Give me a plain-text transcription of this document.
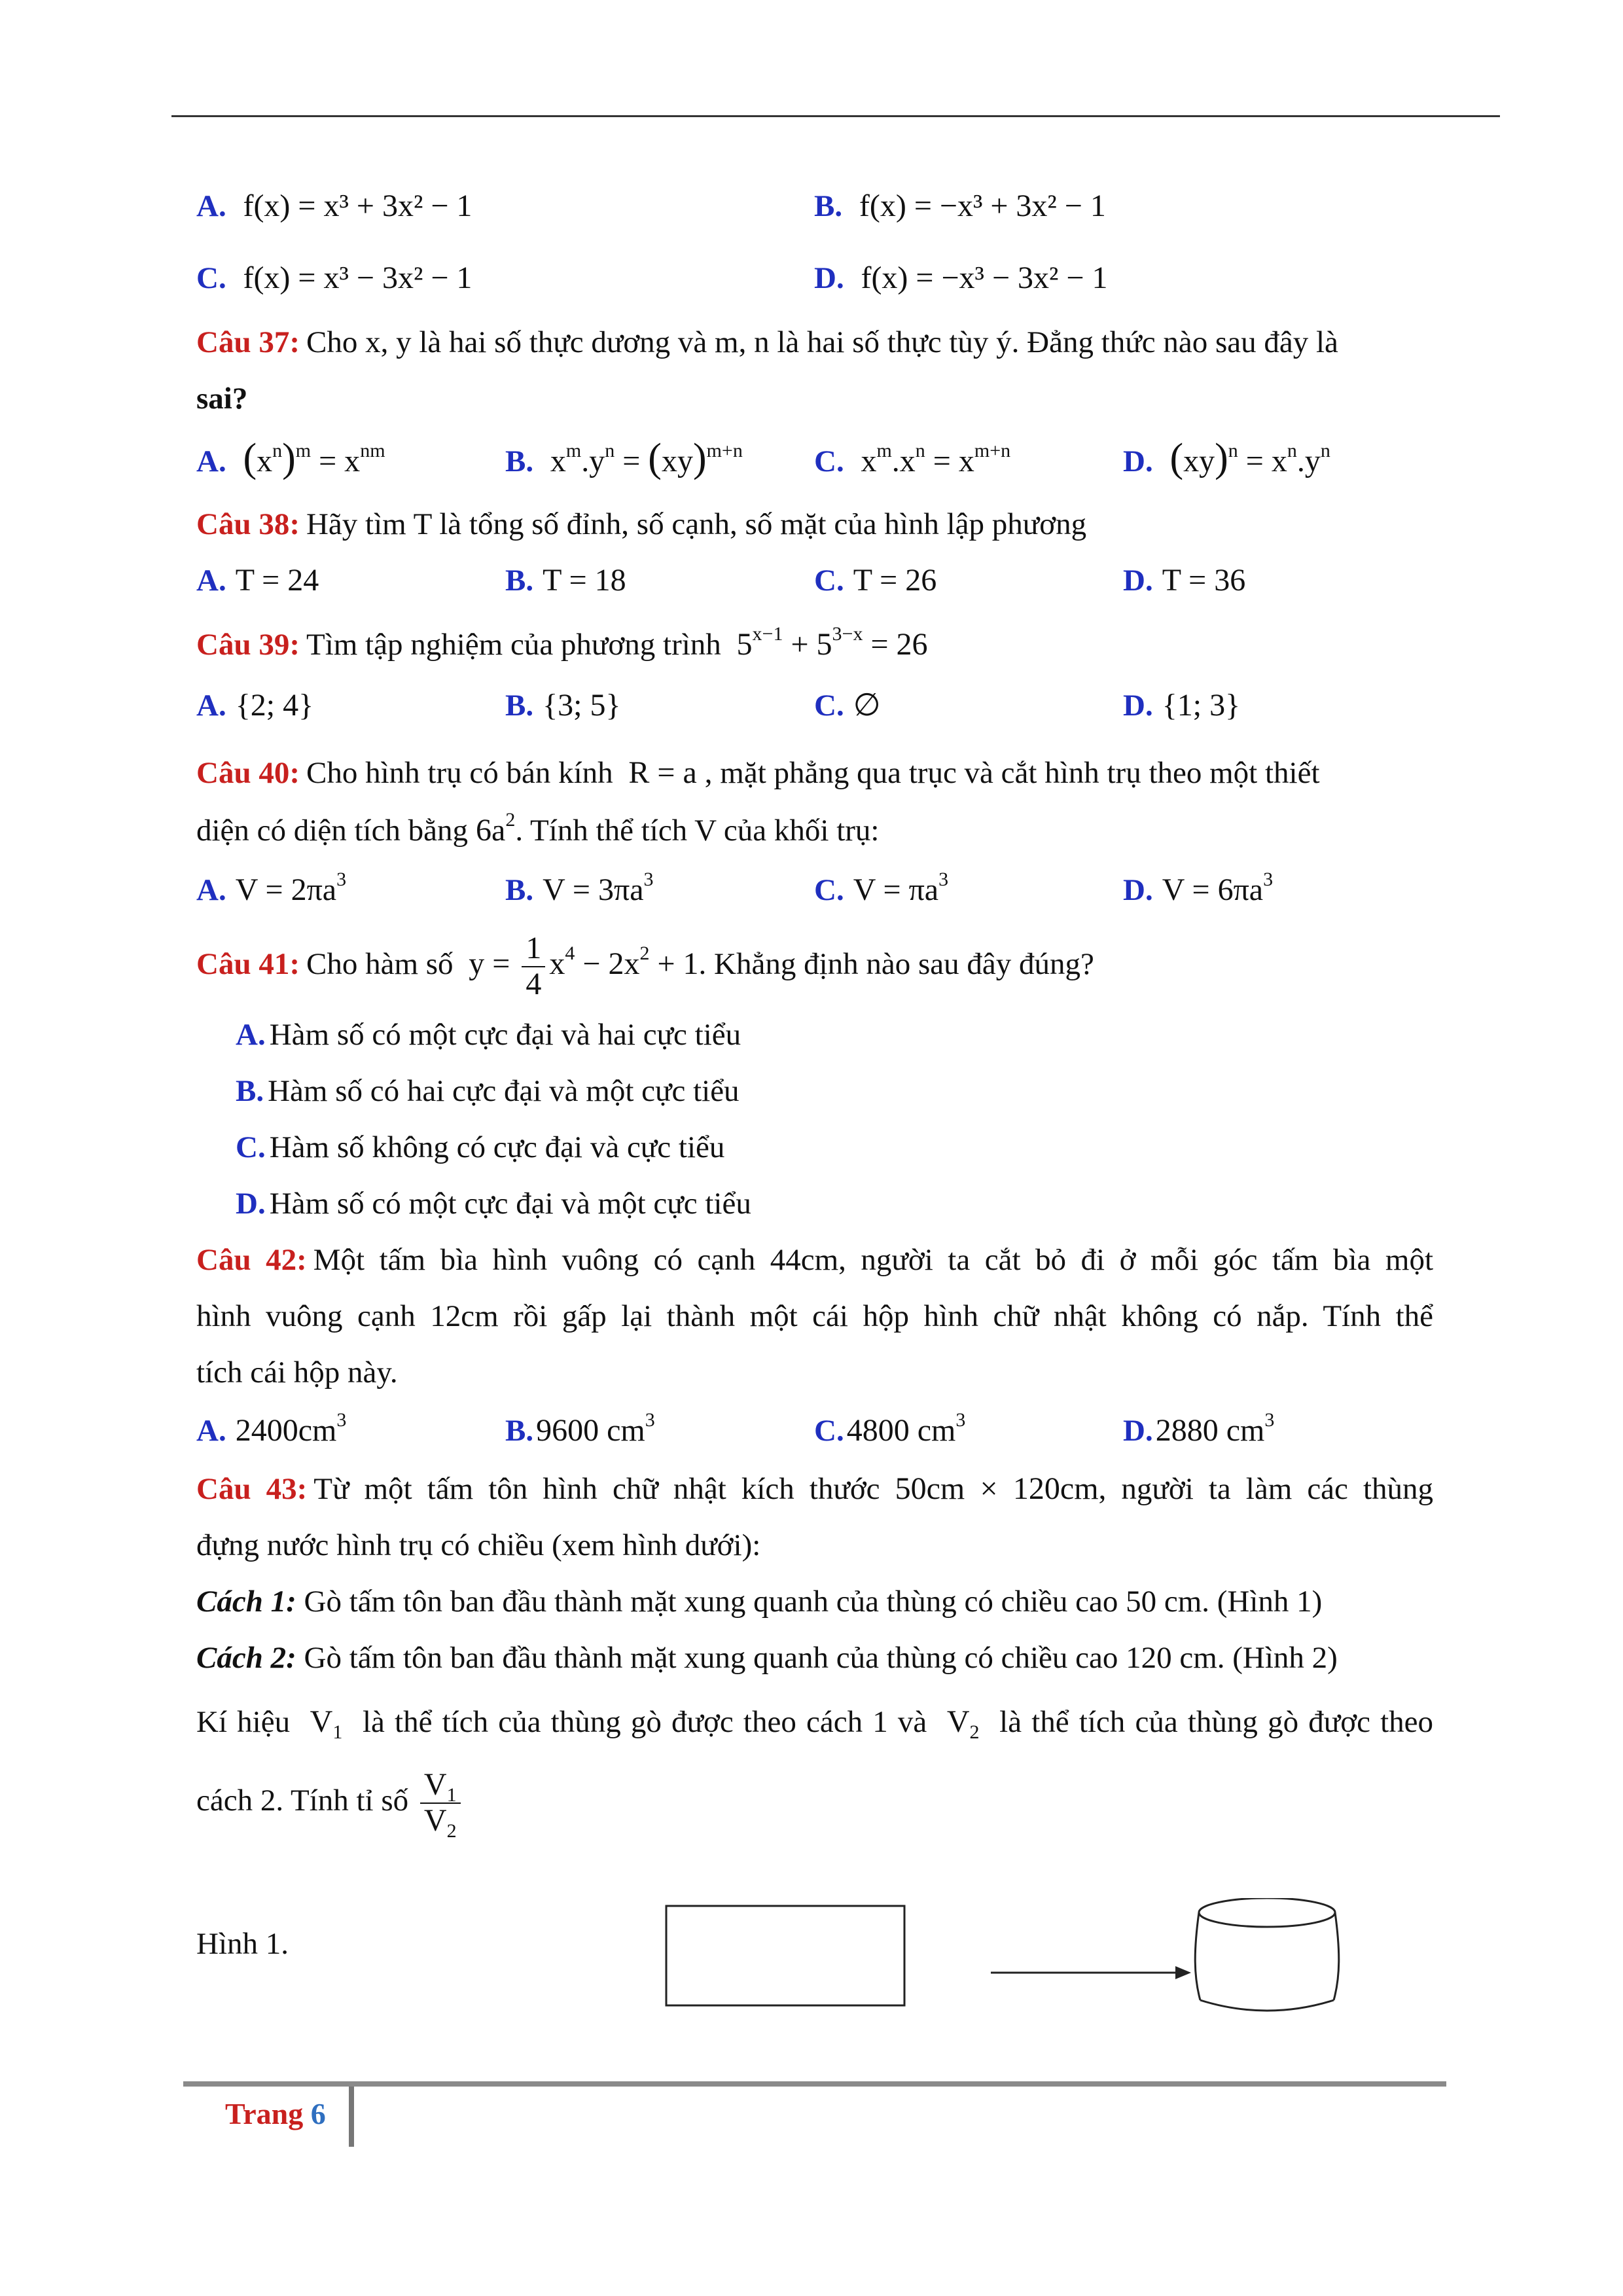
A. f(x) = x³ + 3x² − 1	B. f(x) = −x³ + 3x² − 1
C. f(x) = x³ − 3x² − 1	D. f(x) = −x³ − 3x² − 1

Câu 37: Cho x, y là hai số thực dương và m, n là hai số thực tùy ý. Đẳng thức nào sau đây là

sai?

A. $(x^n)^m = x^{nm}$	B. $x^m.y^n = (xy)^{m+n}$	C. $x^m.x^n = x^{m+n}$	D. $(xy)^n = x^n.y^n$

Câu 38: Hãy tìm T là tổng số đỉnh, số cạnh, số mặt của hình lập phương

A. T = 24	B. T = 18	C. T = 26	D. T = 36

Câu 39: Tìm tập nghiệm của phương trình  $5^{x-1} + 5^{3-x} = 26$

A. {2; 4}	B. {3; 5}	C. ∅	D. {1; 3}

Câu 40: Cho hình trụ có bán kính  R = a , mặt phẳng qua trục và cắt hình trụ theo một thiết

diện có diện tích bằng $6a^2$. Tính thể tích V của khối trụ:

A. $V = 2\pi a^3$	B. $V = 3\pi a^3$	C. $V = \pi a^3$	D. $V = 6\pi a^3$

Câu 41: Cho hàm số  $y = \frac{1}{4} x^4 - 2x^2 + 1$. Khẳng định nào sau đây đúng?

A. Hàm số có một cực đại và hai cực tiểu
B. Hàm số có hai cực đại và một cực tiểu
C. Hàm số không có cực đại và cực tiểu
D. Hàm số có một cực đại và một cực tiểu

Câu 42: Một tấm bìa hình vuông có cạnh 44cm, người ta cắt bỏ đi ở mỗi góc tấm bìa một

hình vuông cạnh 12cm rồi gấp lại thành một cái hộp hình chữ nhật không có nắp. Tính thể

tích cái hộp này.

A. $2400cm^3$	B.9600 $cm^3$	C.4800 $cm^3$	D.2880 $cm^3$

Câu 43: Từ một tấm tôn hình chữ nhật kích thước 50cm × 120cm, người ta làm các thùng

đựng nước hình trụ có chiều (xem hình dưới):

Cách 1: Gò tấm tôn ban đầu thành mặt xung quanh của thùng có chiều cao 50 cm. (Hình 1)

Cách 2: Gò tấm tôn ban đầu thành mặt xung quanh của thùng có chiều cao 120 cm. (Hình 2)

Kí hiệu  $V_1$ là thể tích của thùng gò được theo cách 1 và  $V_2$ là thể tích của thùng gò được theo

cách 2. Tính tỉ số $\frac{V_1}{V_2}$

Hình 1.
Trang 6
